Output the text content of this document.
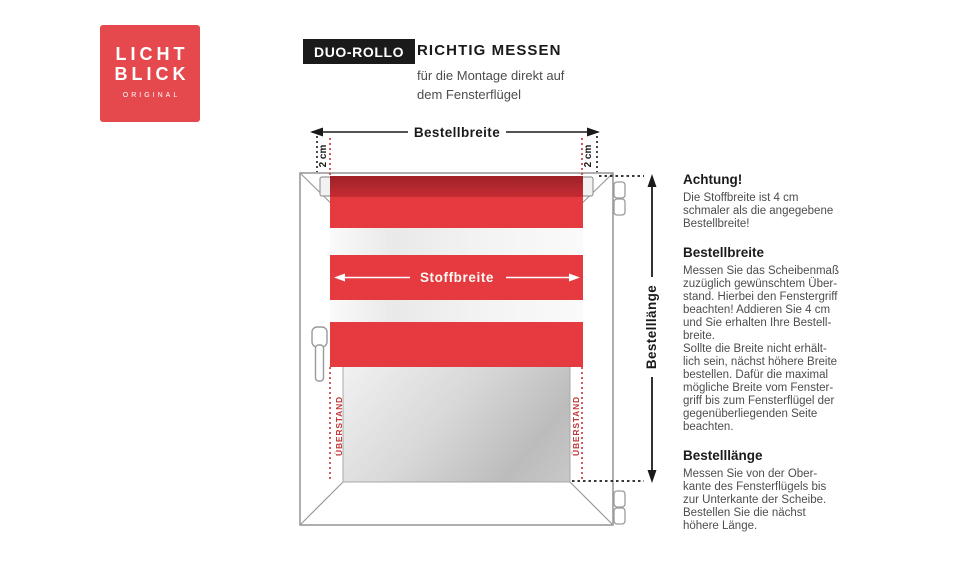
LICHT
BLICK
ORIGINAL
DUO-ROLLO RICHTIG MESSEN
für die Montage direkt auf
dem Fensterflügel
Stoffbreite
Bestellbreite
2 cm	2 cm
ÜBERSTAND	ÜBERSTAND
Bestelllänge
Achtung!
Die Stoffbreite ist 4 cm
schmaler als die angegebene
Bestellbreite!
Bestellbreite
Messen Sie das Scheibenmaß
zuzüglich gewünschtem Über-
stand. Hierbei den Fenstergriff
beachten! Addieren Sie 4 cm
und Sie erhalten Ihre Bestell-
breite.
Sollte die Breite nicht erhält-
lich sein, nächst höhere Breite
bestellen. Dafür die maximal
mögliche Breite vom Fenster-
griff bis zum Fensterflügel der
gegenüberliegenden Seite
beachten.
Bestelllänge
Messen Sie von der Ober-
kante des Fensterflügels bis
zur Unterkante der Scheibe.
Bestellen Sie die nächst
höhere Länge.
